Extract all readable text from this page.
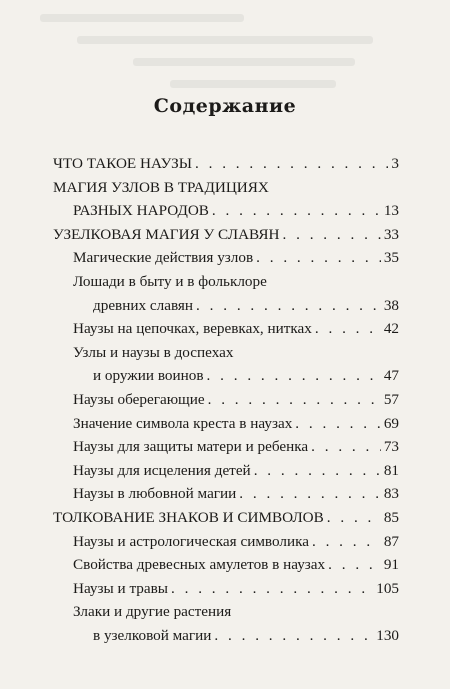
Содержание
ЧТО ТАКОЕ НАУЗЫ . . .	3
МАГИЯ УЗЛОВ В ТРАДИЦИЯХ
РАЗНЫХ НАРОДОВ . . .	13
УЗЕЛКОВАЯ МАГИЯ У СЛАВЯН . . .	33
Магические действия узлов . . .	35
Лошади в быту и в фольклоре
древних славян . . .	38
Наузы на цепочках, веревках, нитках . . .	42
Узлы и наузы в доспехах
и оружии воинов . . .	47
Наузы оберегающие . . .	57
Значение символа креста в наузах . . .	69
Наузы для защиты матери и ребенка . . .	73
Наузы для исцеления детей . . .	81
Наузы в любовной магии . . .	83
ТОЛКОВАНИЕ ЗНАКОВ И СИМВОЛОВ . . .	85
Наузы и астрологическая символика . . .	87
Свойства древесных амулетов в наузах . . .	91
Наузы и травы . . .	105
Злаки и другие растения
в узелковой магии . . .	130
